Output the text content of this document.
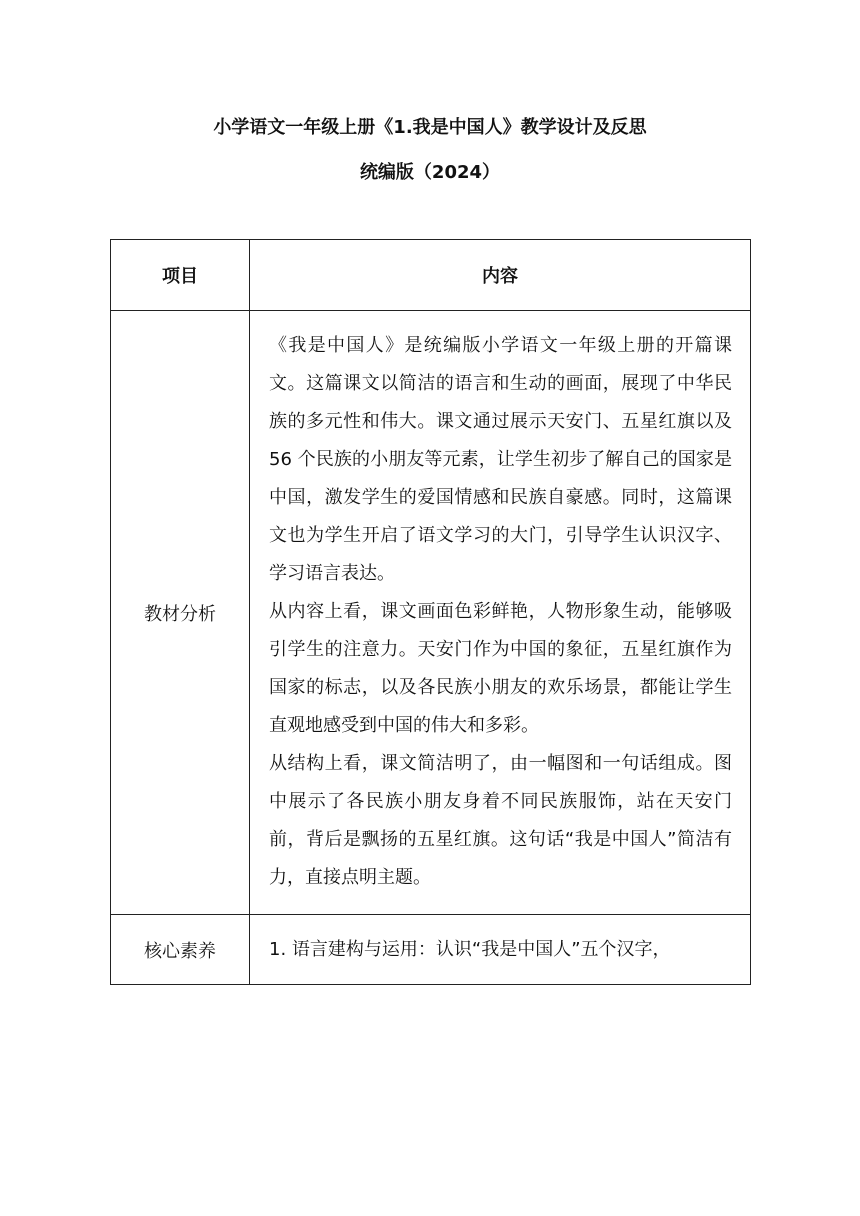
小学语文一年级上册《1.我是中国人》教学设计及反思
统编版（2024）
项目	内容
教材分析	《我是中国人》是统编版小学语文一年级上册的开篇课文。这篇课文以简洁的语言和生动的画面，展现了中华民族的多元性和伟大。课文通过展示天安门、五星红旗以及 56 个民族的小朋友等元素，让学生初步了解自己的国家是中国，激发学生的爱国情感和民族自豪感。同时，这篇课文也为学生开启了语文学习的大门，引导学生认识汉字、学习语言表达。

从内容上看，课文画面色彩鲜艳，人物形象生动，能够吸引学生的注意力。天安门作为中国的象征，五星红旗作为国家的标志，以及各民族小朋友的欢乐场景，都能让学生直观地感受到中国的伟大和多彩。

从结构上看，课文简洁明了，由一幅图和一句话组成。图中展示了各民族小朋友身着不同民族服饰，站在天安门前，背后是飘扬的五星红旗。这句话“我是中国人”简洁有力，直接点明主题。

核心素养	1. 语言建构与运用：认识“我是中国人”五个汉字，
